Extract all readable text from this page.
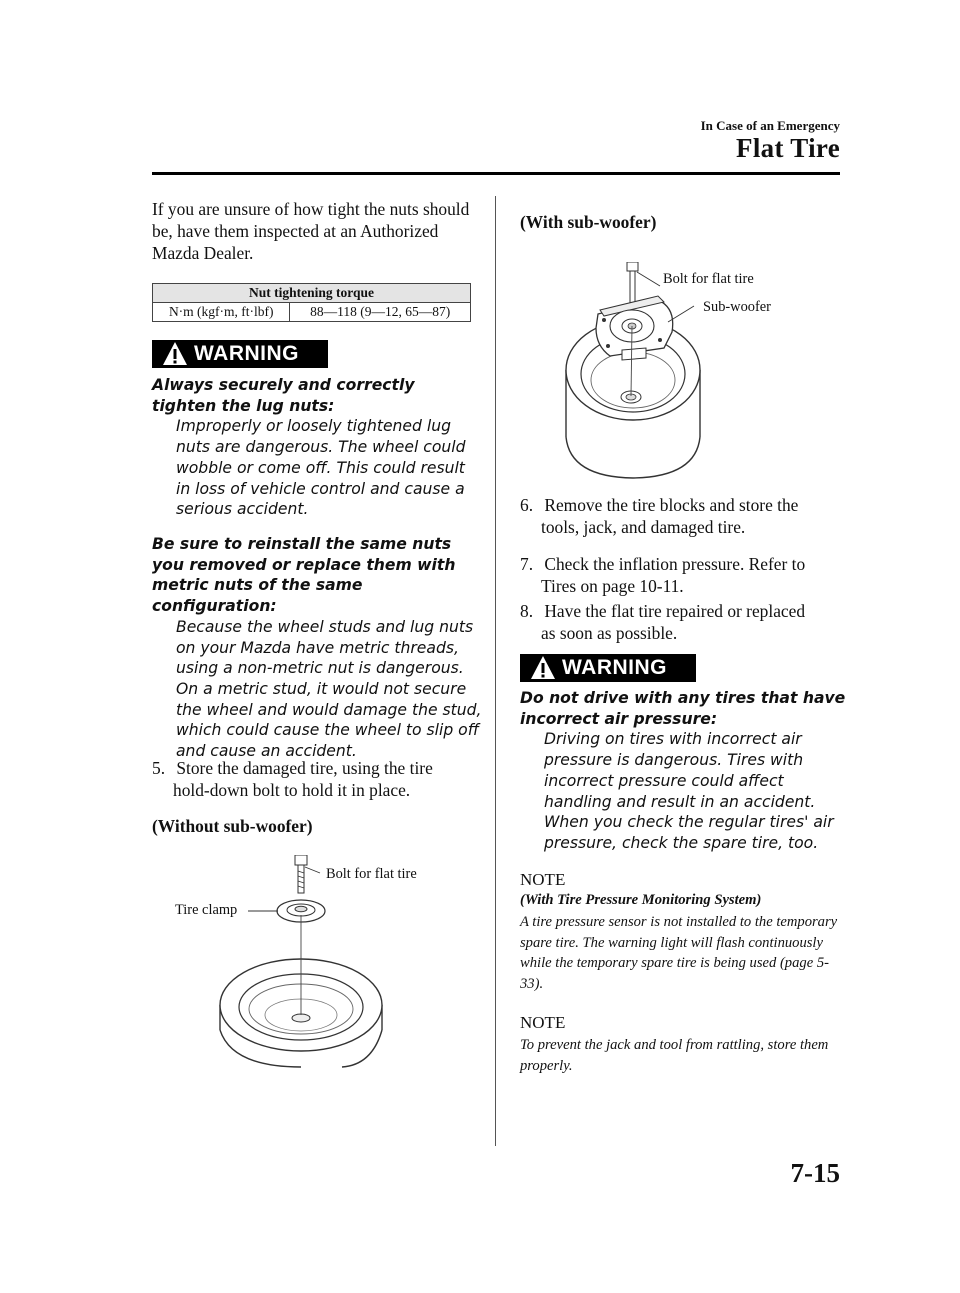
In Case of an Emergency
Flat Tire
If you are unsure of how tight the nuts should be, have them inspected at an Authorized Mazda Dealer.
Nut tightening torque
N·m (kgf·m, ft·lbf)	88—118 (9—12, 65—87)
WARNING
Always securely and correctly tighten the lug nuts:
Improperly or loosely tightened lug nuts are dangerous. The wheel could wobble or come off. This could result in loss of vehicle control and cause a serious accident.
Be sure to reinstall the same nuts you removed or replace them with metric nuts of the same configuration:
Because the wheel studs and lug nuts on your Mazda have metric threads, using a non-metric nut is dangerous. On a metric stud, it would not secure the wheel and would damage the stud, which could cause the wheel to slip off and cause an accident.
5. Store the damaged tire, using the tire
hold-down bolt to hold it in place.
(Without sub-woofer)
Bolt for flat tire
Tire clamp
(With sub-woofer)
Bolt for flat tire
Sub-woofer
6. Remove the tire blocks and store the
tools, jack, and damaged tire.
7. Check the inflation pressure. Refer to
Tires on page 10-11.
8. Have the flat tire repaired or replaced
as soon as possible.
WARNING
Do not drive with any tires that have incorrect air pressure:
Driving on tires with incorrect air pressure is dangerous. Tires with incorrect pressure could affect handling and result in an accident. When you check the regular tires' air pressure, check the spare tire, too.
NOTE
(With Tire Pressure Monitoring System)
A tire pressure sensor is not installed to the temporary spare tire. The warning light will flash continuously while the temporary spare tire is being used (page 5-33).
NOTE
To prevent the jack and tool from rattling, store them properly.
7-15
